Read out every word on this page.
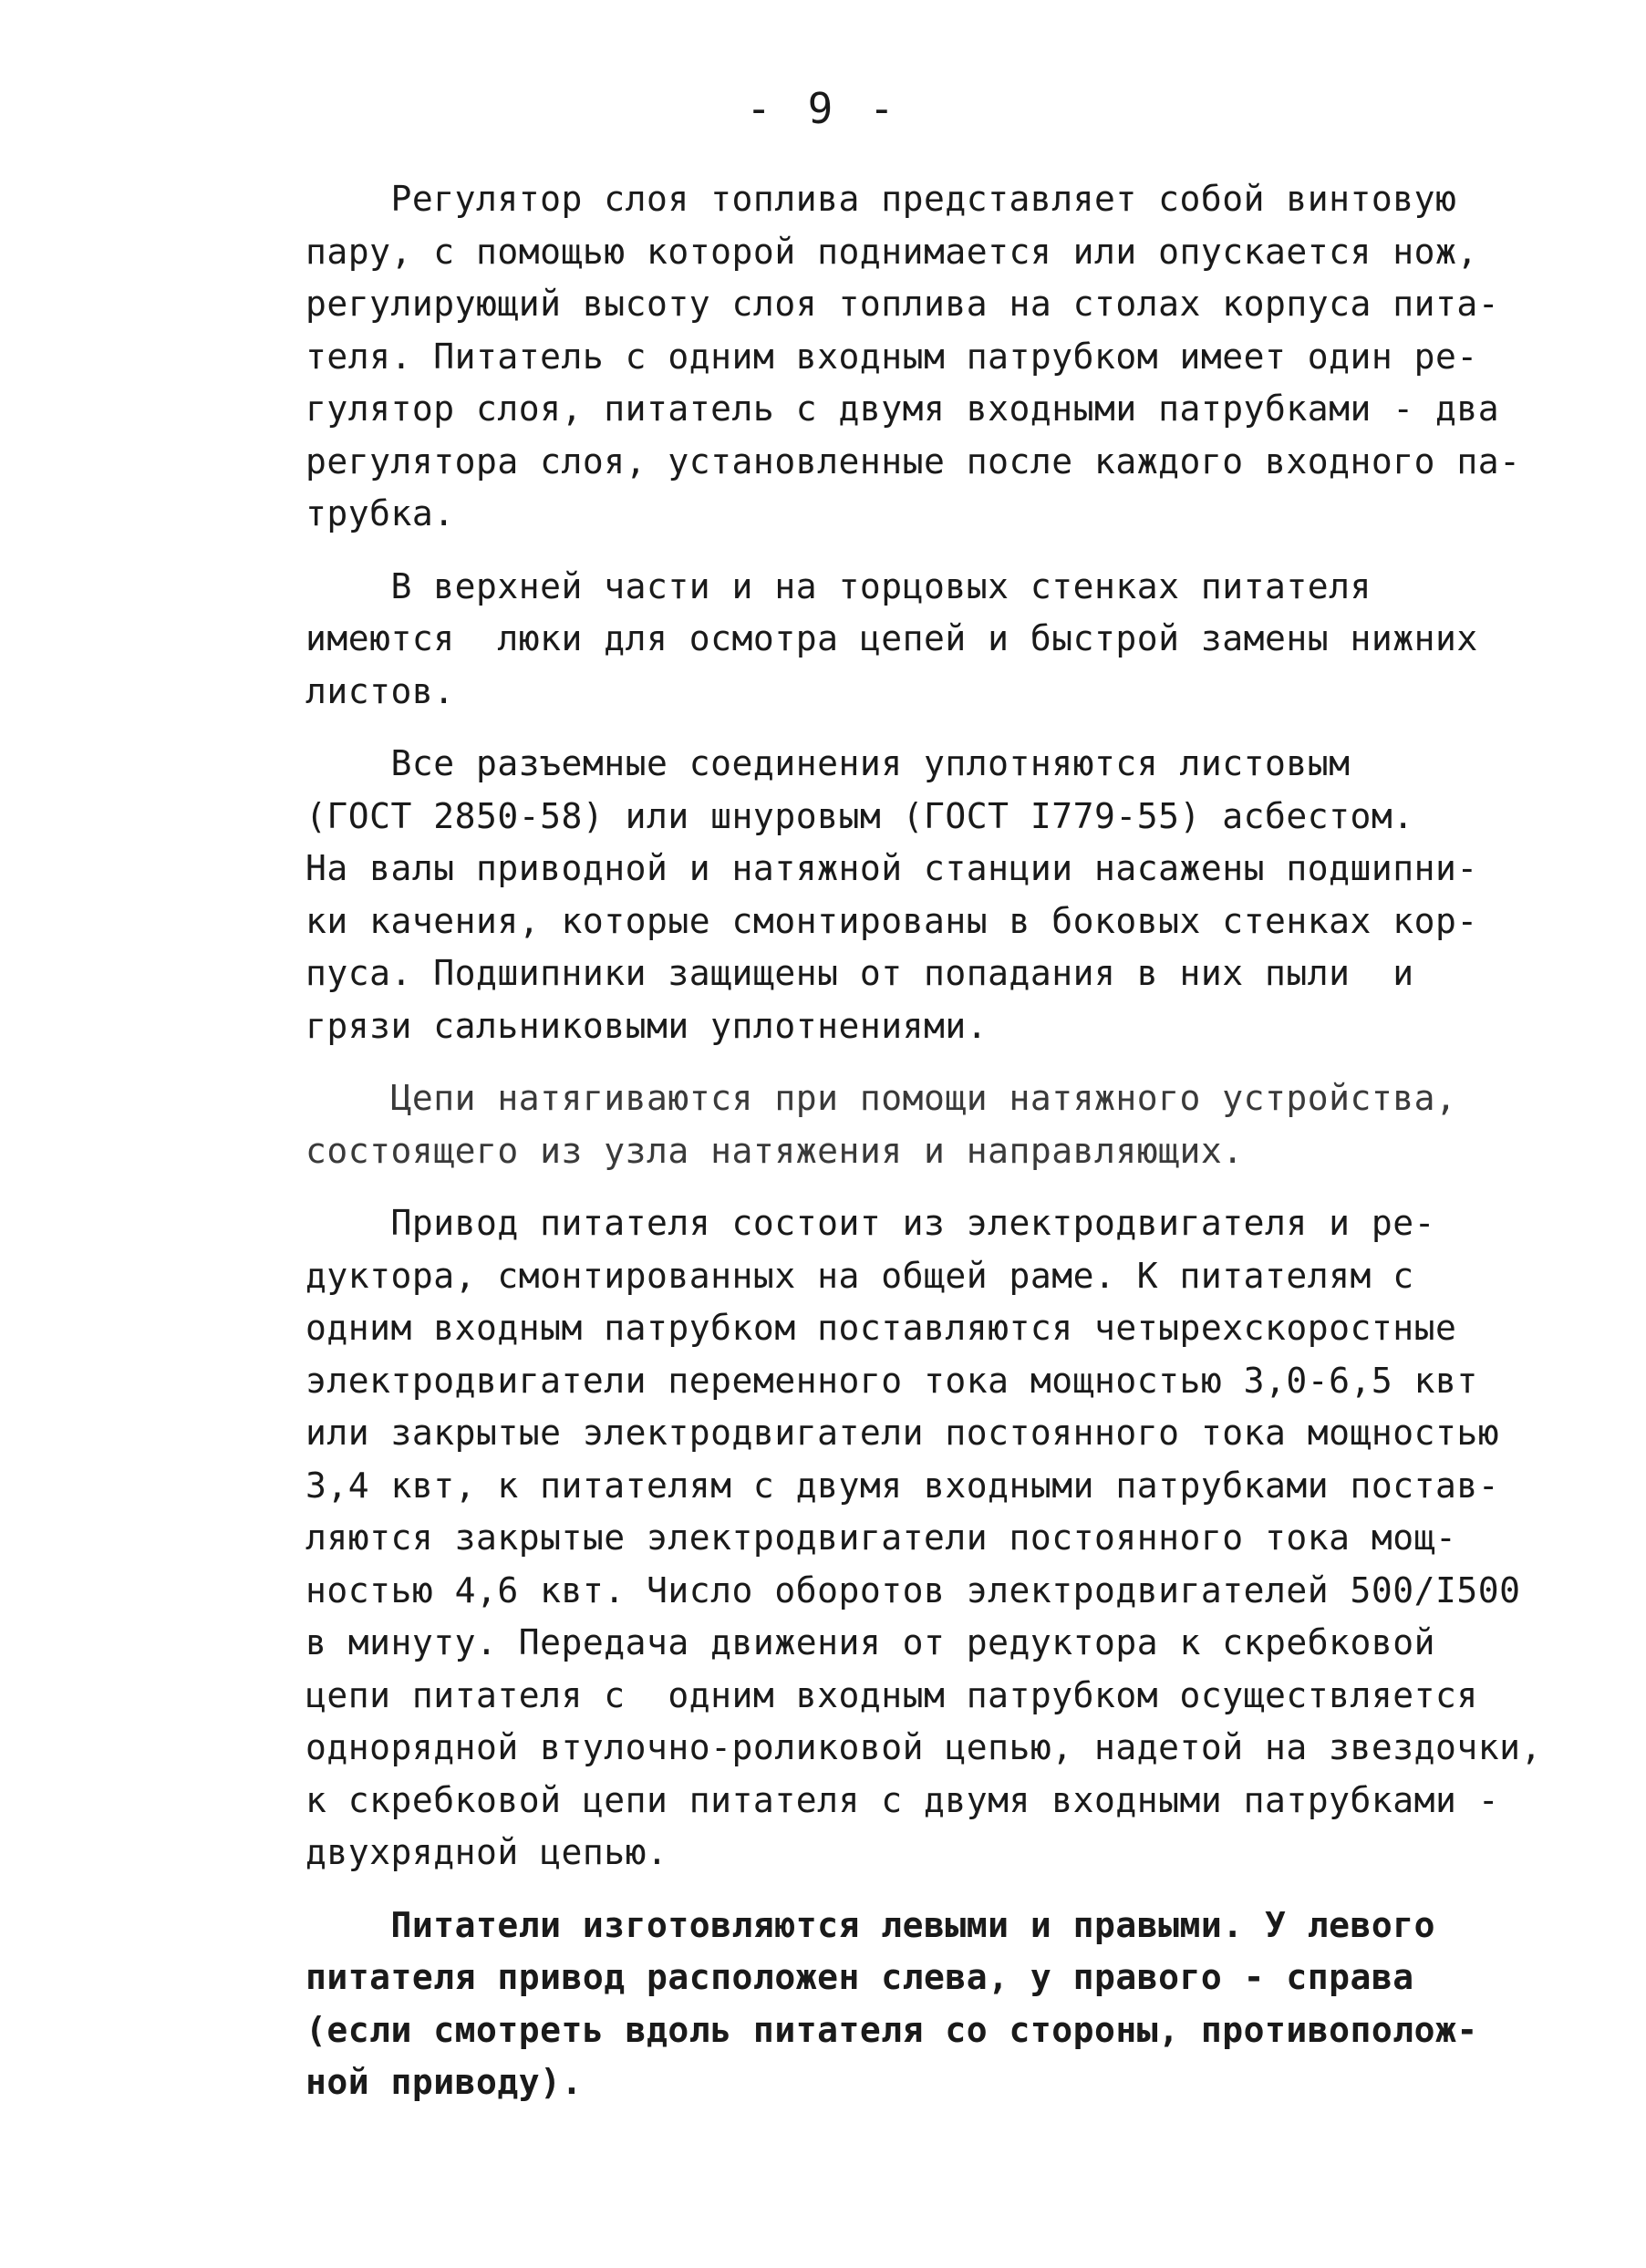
- 9 -
Регулятор слоя топлива представляет собой винтовую
пару, с помощью которой поднимается или опускается нож,
регулирующий высоту слоя топлива на столах корпуса пита-
теля. Питатель с одним входным патрубком имеет один ре-
гулятор слоя, питатель с двумя входными патрубками - два
регулятора слоя, установленные после каждого входного па-
трубка.
В верхней части и на торцовых стенках питателя
имеются  люки для осмотра цепей и быстрой замены нижних
листов.
Все разъемные соединения уплотняются листовым
(ГОСТ 2850-58) или шнуровым (ГОСТ I779-55) асбестом.
На валы приводной и натяжной станции насажены подшипни-
ки качения, которые смонтированы в боковых стенках кор-
пуса. Подшипники защищены от попадания в них пыли  и
грязи сальниковыми уплотнениями.
Цепи натягиваются при помощи натяжного устройства,
состоящего из узла натяжения и направляющих.
Привод питателя состоит из электродвигателя и ре-
дуктора, смонтированных на общей раме. К питателям с
одним входным патрубком поставляются четырехскоростные
электродвигатели переменного тока мощностью 3,0-6,5 квт
или закрытые электродвигатели постоянного тока мощностью
3,4 квт, к питателям с двумя входными патрубками постав-
ляются закрытые электродвигатели постоянного тока мощ-
ностью 4,6 квт. Число оборотов электродвигателей 500/I500
в минуту. Передача движения от редуктора к скребковой
цепи питателя с  одним входным патрубком осуществляется
однорядной втулочно-роликовой цепью, надетой на звездочки,
к скребковой цепи питателя с двумя входными патрубками -
двухрядной цепью.
Питатели изготовляются левыми и правыми. У левого
питателя привод расположен слева, у правого - справа
(если смотреть вдоль питателя со стороны, противополож-
ной приводу).
